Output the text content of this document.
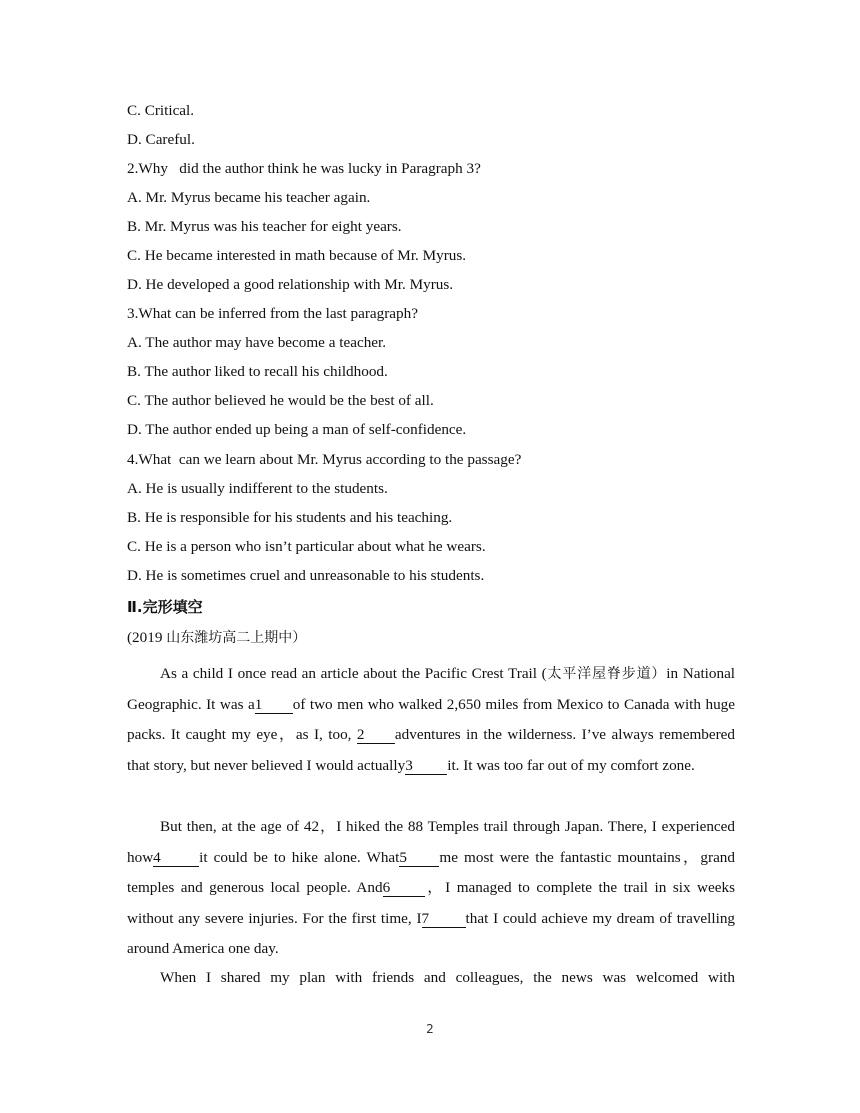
C. Critical.
D. Careful.
2.Why   did the author think he was lucky in Paragraph 3?
A. Mr. Myrus became his teacher again.
B. Mr. Myrus was his teacher for eight years.
C. He became interested in math because of Mr. Myrus.
D. He developed a good relationship with Mr. Myrus.
3.What can be inferred from the last paragraph?
A. The author may have become a teacher.
B. The author liked to recall his childhood.
C. The author believed he would be the best of all.
D. The author ended up being a man of self-confidence.
4.What  can we learn about Mr. Myrus according to the passage?
A. He is usually indifferent to the students.
B. He is responsible for his students and his teaching.
C. He is a person who isn’t particular about what he wears.
D. He is sometimes cruel and unreasonable to his students.
Ⅱ.完形填空
(2019 山东潍坊高二上期中）
As a child I once read an article about the Pacific Crest Trail (太平洋屋脊步道）in National Geographic. It was a1 of two men who walked 2,650 miles from Mexico to Canada with huge packs. It caught my eye，as I, too, 2 adventures in the wilderness. I’ve always remembered that story, but never believed I would actually3 it. It was too far out of my comfort zone.
But then, at the age of 42，I hiked the 88 Temples trail through Japan. There, I experienced how4	it could be to hike alone. What5 me most were the fantastic mountains，grand temples and generous local people. And6 ，I managed to complete the trail in six weeks without any severe injuries. For the first time, I7 that I could achieve my dream of travelling around America one day.
When I shared my plan with friends and colleagues, the news was welcomed with
2
